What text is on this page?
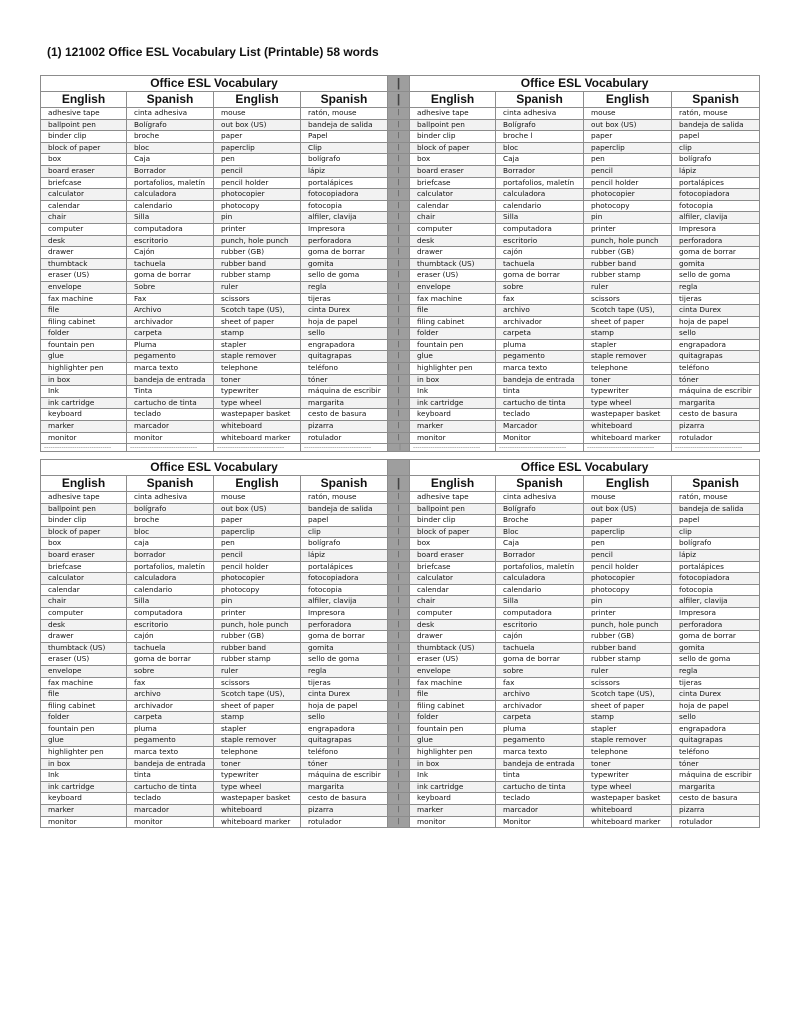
(1) 121002 Office ESL Vocabulary List (Printable) 58 words
Office ESL Vocabulary				|	Office ESL Vocabulary			
English	Spanish	English	Spanish	|	English	Spanish	English	Spanish
adhesive tape	cinta adhesiva	mouse	ratón, mouse	|	adhesive tape	cinta adhesiva	mouse	ratón, mouse
ballpoint pen	Bolígrafo	out box (US)	bandeja de salida	|	ballpoint pen	Bolígrafo	out box (US)	bandeja de salida
binder clip	broche	paper	Papel	|	binder clip	broche l	paper	papel
block of paper	bloc	paperclip	Clip	|	block of paper	bloc	paperclip	clip
box	Caja	pen	bolígrafo	|	box	Caja	pen	bolígrafo
board eraser	Borrador	pencil	lápiz	|	board eraser	Borrador	pencil	lápiz
briefcase	portafolios, maletín	pencil holder	portalápices	|	briefcase	portafolios, maletín	pencil holder	portalápices
calculator	calculadora	photocopier	fotocopiadora	|	calculator	calculadora	photocopier	fotocopiadora
calendar	calendario	photocopy	fotocopia	|	calendar	calendario	photocopy	fotocopia
chair	Silla	pin	alfiler, clavija	|	chair	Silla	pin	alfiler, clavija
computer	computadora	printer	Impresora	|	computer	computadora	printer	Impresora
desk	escritorio	punch, hole punch	perforadora	|	desk	escritorio	punch, hole punch	perforadora
drawer	Cajón	rubber (GB)	goma de borrar	|	drawer	cajón	rubber (GB)	goma de borrar
thumbtack	tachuela	rubber band	gomita	|	thumbtack (US)	tachuela	rubber band	gomita
eraser (US)	goma de borrar	rubber stamp	sello de goma	|	eraser (US)	goma de borrar	rubber stamp	sello de goma
envelope	Sobre	ruler	regla	|	envelope	sobre	ruler	regla
fax machine	Fax	scissors	tijeras	|	fax machine	fax	scissors	tijeras
file	Archivo	Scotch tape (US),	cinta Durex	|	file	archivo	Scotch tape (US),	cinta Durex
filing cabinet	archivador	sheet of paper	hoja de papel	|	filing cabinet	archivador	sheet of paper	hoja de papel
folder	carpeta	stamp	sello	|	folder	carpeta	stamp	sello
fountain pen	Pluma	stapler	engrapadora	|	fountain pen	pluma	stapler	engrapadora
glue	pegamento	staple remover	quitagrapas	|	glue	pegamento	staple remover	quitagrapas
highlighter pen	marca texto	telephone	teléfono	|	highlighter pen	marca texto	telephone	teléfono
in box	bandeja de entrada	toner	tóner	|	in box	bandeja de entrada	toner	tóner
Ink	Tinta	typewriter	máquina de escribir	|	Ink	tinta	typewriter	máquina de escribir
ink cartridge	cartucho de tinta	type wheel	margarita	|	ink cartridge	cartucho de tinta	type wheel	margarita
keyboard	teclado	wastepaper basket	cesto de basura	|	keyboard	teclado	wastepaper basket	cesto de basura
marker	marcador	whiteboard	pizarra	|	marker	Marcador	whiteboard	pizarra
monitor	monitor	whiteboard marker	rotulador	|	monitor	Monitor	whiteboard marker	rotulador
-------------------------------	-------------------------------	-------------------------------	-------------------------------	|	-------------------------------	-------------------------------	-------------------------------	-------------------------------
Office ESL Vocabulary					Office ESL Vocabulary			
English	Spanish	English	Spanish	|	English	Spanish	English	Spanish
adhesive tape	cinta adhesiva	mouse	ratón, mouse	|	adhesive tape	cinta adhesiva	mouse	ratón, mouse
ballpoint pen	bolígrafo	out box (US)	bandeja de salida	|	ballpoint pen	Bolígrafo	out box (US)	bandeja de salida
binder clip	broche	paper	papel	|	binder clip	Broche	paper	papel
block of paper	bloc	paperclip	clip	|	block of paper	Bloc	paperclip	clip
box	caja	pen	bolígrafo	|	box	Caja	pen	bolígrafo
board eraser	borrador	pencil	lápiz	|	board eraser	Borrador	pencil	lápiz
briefcase	portafolios, maletín	pencil holder	portalápices	|	briefcase	portafolios, maletín	pencil holder	portalápices
calculator	calculadora	photocopier	fotocopiadora	|	calculator	calculadora	photocopier	fotocopiadora
calendar	calendario	photocopy	fotocopia	|	calendar	calendario	photocopy	fotocopia
chair	Silla	pin	alfiler, clavija	|	chair	Silla	pin	alfiler, clavija
computer	computadora	printer	Impresora	|	computer	computadora	printer	Impresora
desk	escritorio	punch, hole punch	perforadora	|	desk	escritorio	punch, hole punch	perforadora
drawer	cajón	rubber (GB)	goma de borrar	|	drawer	cajón	rubber (GB)	goma de borrar
thumbtack (US)	tachuela	rubber band	gomita	|	thumbtack (US)	tachuela	rubber band	gomita
eraser (US)	goma de borrar	rubber stamp	sello de goma	|	eraser (US)	goma de borrar	rubber stamp	sello de goma
envelope	sobre	ruler	regla	|	envelope	sobre	ruler	regla
fax machine	fax	scissors	tijeras	|	fax machine	fax	scissors	tijeras
file	archivo	Scotch tape (US),	cinta Durex	|	file	archivo	Scotch tape (US),	cinta Durex
filing cabinet	archivador	sheet of paper	hoja de papel	|	filing cabinet	archivador	sheet of paper	hoja de papel
folder	carpeta	stamp	sello	|	folder	carpeta	stamp	sello
fountain pen	pluma	stapler	engrapadora	|	fountain pen	pluma	stapler	engrapadora
glue	pegamento	staple remover	quitagrapas	|	glue	pegamento	staple remover	quitagrapas
highlighter pen	marca texto	telephone	teléfono	|	highlighter pen	marca texto	telephone	teléfono
in box	bandeja de entrada	toner	tóner	|	in box	bandeja de entrada	toner	tóner
Ink	tinta	typewriter	máquina de escribir	|	Ink	tinta	typewriter	máquina de escribir
ink cartridge	cartucho de tinta	type wheel	margarita	|	ink cartridge	cartucho de tinta	type wheel	margarita
keyboard	teclado	wastepaper basket	cesto de basura	|	keyboard	teclado	wastepaper basket	cesto de basura
marker	marcador	whiteboard	pizarra	|	marker	marcador	whiteboard	pizarra
monitor	monitor	whiteboard marker	rotulador	|	monitor	Monitor	whiteboard marker	rotulador
